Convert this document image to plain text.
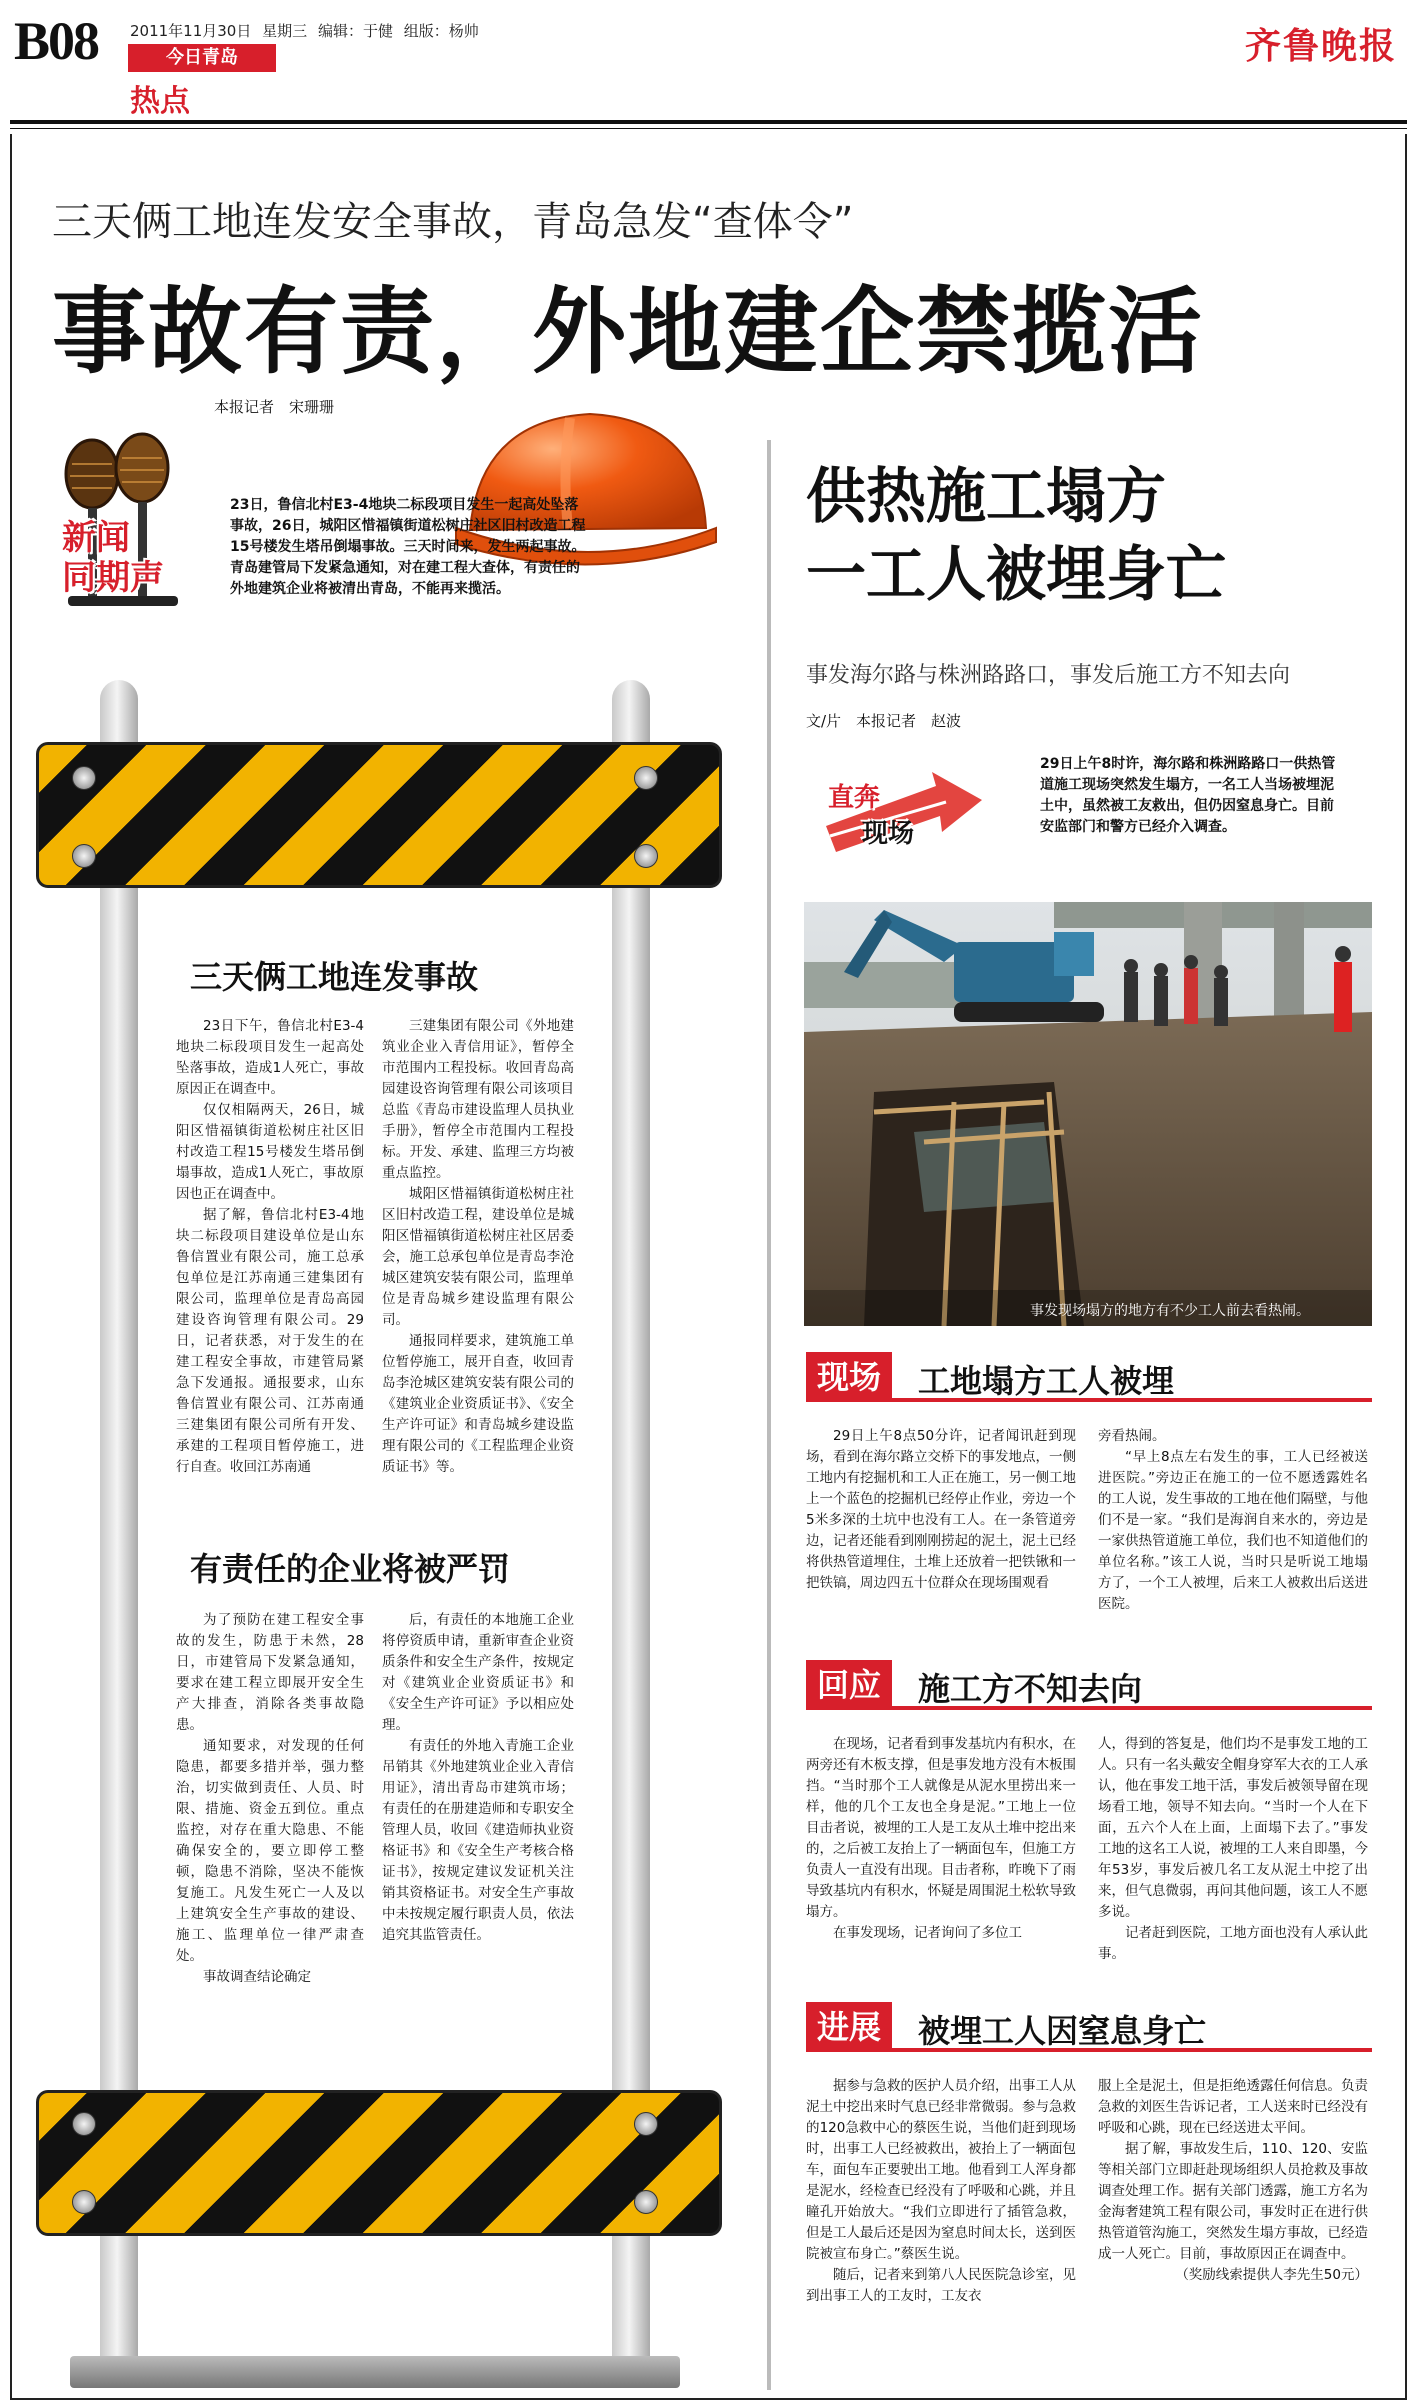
B08 2011年11月30日 星期三 编辑：于健 组版：杨帅
今日青岛
热点
齐鲁晚报
三天俩工地连发安全事故，青岛急发“查体令”
事故有责，外地建企禁揽活
本报记者　宋珊珊
新闻
同期声
23日，鲁信北村E3-4地块二标段项目发生一起高处坠落事故，26日，城阳区惜福镇街道松树庄社区旧村改造工程15号楼发生塔吊倒塌事故。三天时间来，发生两起事故。青岛建管局下发紧急通知，对在建工程大查体，有责任的外地建筑企业将被清出青岛，不能再来揽活。
三天俩工地连发事故

23日下午，鲁信北村E3-4地块二标段项目发生一起高处坠落事故，造成1人死亡，事故原因正在调查中。

仅仅相隔两天，26日，城阳区惜福镇街道松树庄社区旧村改造工程15号楼发生塔吊倒塌事故，造成1人死亡，事故原因也正在调查中。

据了解，鲁信北村E3-4地块二标段项目建设单位是山东鲁信置业有限公司，施工总承包单位是江苏南通三建集团有限公司，监理单位是青岛高园建设咨询管理有限公司。29日，记者获悉，对于发生的在建工程安全事故，市建管局紧急下发通报。通报要求，山东鲁信置业有限公司、江苏南通三建集团有限公司所有开发、承建的工程项目暂停施工，进行自查。收回江苏南通

三建集团有限公司《外地建筑业企业入青信用证》，暂停全市范围内工程投标。收回青岛高园建设咨询管理有限公司该项目总监《青岛市建设监理人员执业手册》，暂停全市范围内工程投标。开发、承建、监理三方均被重点监控。

城阳区惜福镇街道松树庄社区旧村改造工程，建设单位是城阳区惜福镇街道松树庄社区居委会，施工总承包单位是青岛李沧城区建筑安装有限公司，监理单位是青岛城乡建设监理有限公司。

通报同样要求，建筑施工单位暂停施工，展开自查，收回青岛李沧城区建筑安装有限公司的《建筑业企业资质证书》、《安全生产许可证》和青岛城乡建设监理有限公司的《工程监理企业资质证书》等。

有责任的企业将被严罚

为了预防在建工程安全事故的发生，防患于未然，28日，市建管局下发紧急通知，要求在建工程立即展开安全生产大排查，消除各类事故隐患。

通知要求，对发现的任何隐患，都要多措并举，强力整治，切实做到责任、人员、时限、措施、资金五到位。重点监控，对存在重大隐患、不能确保安全的，要立即停工整顿，隐患不消除，坚决不能恢复施工。凡发生死亡一人及以上建筑安全生产事故的建设、施工、监理单位一律严肃查处。

事故调查结论确定

后，有责任的本地施工企业将停资质申请，重新审查企业资质条件和安全生产条件，按规定对《建筑业企业资质证书》和《安全生产许可证》予以相应处理。

有责任的外地入青施工企业吊销其《外地建筑业企业入青信用证》，清出青岛市建筑市场；有责任的在册建造师和专职安全管理人员，收回《建造师执业资格证书》和《安全生产考核合格证书》，按规定建议发证机关注销其资格证书。对安全生产事故中未按规定履行职责人员，依法追究其监管责任。

供热施工塌方
一工人被埋身亡
事发海尔路与株洲路路口，事发后施工方不知去向
文/片　本报记者　赵波
直奔
现场
29日上午8时许，海尔路和株洲路路口一供热管道施工现场突然发生塌方，一名工人当场被埋泥土中，虽然被工友救出，但仍因窒息身亡。目前安监部门和警方已经介入调查。
事发现场塌方的地方有不少工人前去看热闹。
现场	工地塌方工人被埋

29日上午8点50分许，记者闻讯赶到现场，看到在海尔路立交桥下的事发地点，一侧工地内有挖掘机和工人正在施工，另一侧工地上一个蓝色的挖掘机已经停止作业，旁边一个5米多深的土坑中也没有工人。在一条管道旁边，记者还能看到刚刚捞起的泥土，泥土已经将供热管道埋住，土堆上还放着一把铁锹和一把铁镐，周边四五十位群众在现场围观看

旁看热闹。

“早上8点左右发生的事，工人已经被送进医院。”旁边正在施工的一位不愿透露姓名的工人说，发生事故的工地在他们隔壁，与他们不是一家。“我们是海润自来水的，旁边是一家供热管道施工单位，我们也不知道他们的单位名称。”该工人说，当时只是听说工地塌方了，一个工人被埋，后来工人被救出后送进医院。

回应	施工方不知去向

在现场，记者看到事发基坑内有积水，在两旁还有木板支撑，但是事发地方没有木板围挡。“当时那个工人就像是从泥水里捞出来一样，他的几个工友也全身是泥。”工地上一位目击者说，被埋的工人是工友从土堆中挖出来的，之后被工友抬上了一辆面包车，但施工方负责人一直没有出现。目击者称，昨晚下了雨导致基坑内有积水，怀疑是周围泥土松软导致塌方。

在事发现场，记者询问了多位工

人，得到的答复是，他们均不是事发工地的工人。只有一名头戴安全帽身穿军大衣的工人承认，他在事发工地干活，事发后被领导留在现场看工地，领导不知去向。“当时一个人在下面，五六个人在上面，上面塌下去了。”事发工地的这名工人说，被埋的工人来自即墨，今年53岁，事发后被几名工友从泥土中挖了出来，但气息微弱，再问其他问题，该工人不愿多说。

记者赶到医院，工地方面也没有人承认此事。

进展	被埋工人因窒息身亡

据参与急救的医护人员介绍，出事工人从泥土中挖出来时气息已经非常微弱。参与急救的120急救中心的蔡医生说，当他们赶到现场时，出事工人已经被救出，被抬上了一辆面包车，面包车正要驶出工地。他看到工人浑身都是泥水，经检查已经没有了呼吸和心跳，并且瞳孔开始放大。“我们立即进行了插管急救，但是工人最后还是因为窒息时间太长，送到医院被宣布身亡。”蔡医生说。

随后，记者来到第八人民医院急诊室，见到出事工人的工友时，工友衣

服上全是泥土，但是拒绝透露任何信息。负责急救的刘医生告诉记者，工人送来时已经没有呼吸和心跳，现在已经送进太平间。

据了解，事故发生后，110、120、安监等相关部门立即赶赴现场组织人员抢救及事故调查处理工作。据有关部门透露，施工方名为金海奢建筑工程有限公司，事发时正在进行供热管道管沟施工，突然发生塌方事故，已经造成一人死亡。目前，事故原因正在调查中。

（奖励线索提供人李先生50元）
